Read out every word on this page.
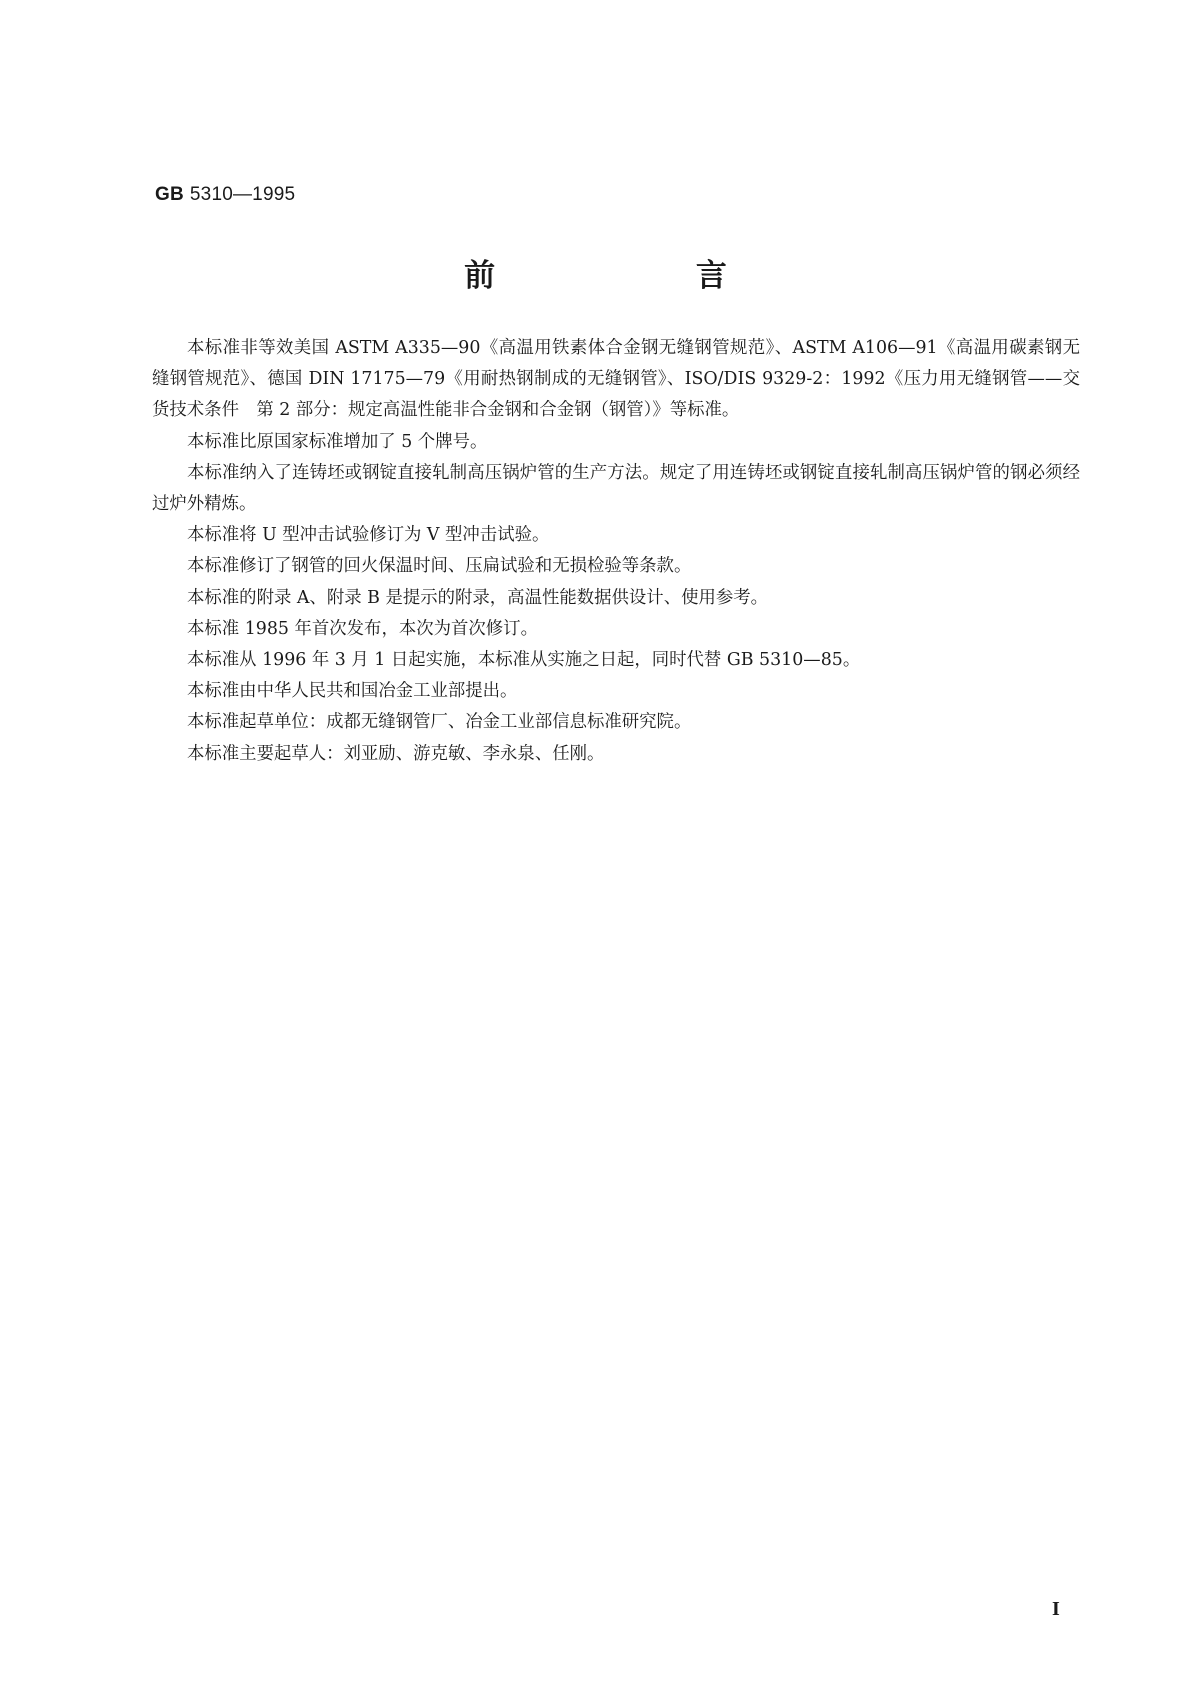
GB 5310—1995
前 言

本标准非等效美国 ASTM A335—90《高温用铁素体合金钢无缝钢管规范》、ASTM A106—91《高温用碳素钢无缝钢管规范》、德国 DIN 17175—79《用耐热钢制成的无缝钢管》、ISO/DIS 9329-2：1992《压力用无缝钢管——交货技术条件　第 2 部分：规定高温性能非合金钢和合金钢（钢管）》等标准。

本标准比原国家标准增加了 5 个牌号。

本标准纳入了连铸坯或钢锭直接轧制高压锅炉管的生产方法。规定了用连铸坯或钢锭直接轧制高压锅炉管的钢必须经过炉外精炼。

本标准将 U 型冲击试验修订为 V 型冲击试验。

本标准修订了钢管的回火保温时间、压扁试验和无损检验等条款。

本标准的附录 A、附录 B 是提示的附录，高温性能数据供设计、使用参考。

本标准 1985 年首次发布，本次为首次修订。

本标准从 1996 年 3 月 1 日起实施，本标准从实施之日起，同时代替 GB 5310—85。

本标准由中华人民共和国冶金工业部提出。

本标准起草单位：成都无缝钢管厂、冶金工业部信息标准研究院。

本标准主要起草人：刘亚励、游克敏、李永泉、任刚。

I
